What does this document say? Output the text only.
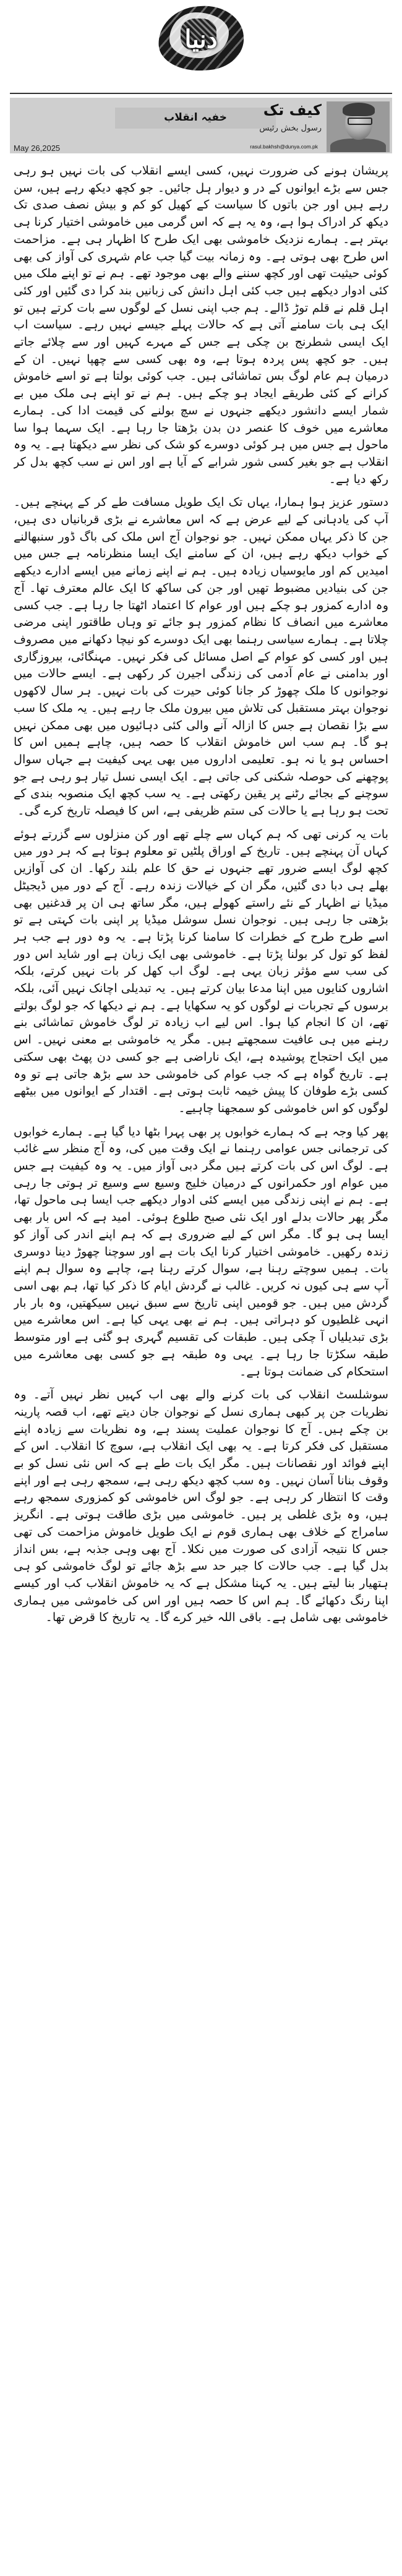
دنیا
خفیہ انقلاب
May 26,2025
کیف تک
رسول بخش رئیس
rasul.bakhsh@dunya.com.pk

پریشان ہونے کی ضرورت نہیں، کسی ایسے انقلاب کی بات نہیں ہو رہی جس سے بڑے ایوانوں کے در و دیوار ہل جائیں۔ جو کچھ دیکھ رہے ہیں، سن رہے ہیں اور جن باتوں کا سیاست کے کھیل کو کم و بیش نصف صدی تک دیکھ کر ادراک ہوا ہے، وہ یہ ہے کہ اس گرمی میں خاموشی اختیار کرنا ہی بہتر ہے۔ ہمارے نزدیک خاموشی بھی ایک طرح کا اظہار ہی ہے۔ مزاحمت اس طرح بھی ہوتی ہے۔ وہ زمانہ بیت گیا جب عام شہری کی آواز کی بھی کوئی حیثیت تھی اور کچھ سننے والے بھی موجود تھے۔ ہم نے تو اپنے ملک میں کئی ادوار دیکھے ہیں جب کئی اہل دانش کی زبانیں بند کرا دی گئیں اور کئی اہل قلم نے قلم توڑ ڈالے۔ ہم جب اپنی نسل کے لوگوں سے بات کرتے ہیں تو ایک ہی بات سامنے آتی ہے کہ حالات پہلے جیسے نہیں رہے۔ سیاست اب ایک ایسی شطرنج بن چکی ہے جس کے مہرے کہیں اور سے چلائے جاتے ہیں۔ جو کچھ پس پردہ ہوتا ہے، وہ بھی کسی سے چھپا نہیں۔ ان کے درمیان ہم عام لوگ بس تماشائی ہیں۔ جب کوئی بولتا ہے تو اسے خاموش کرانے کے کئی طریقے ایجاد ہو چکے ہیں۔ ہم نے تو اپنے ہی ملک میں بے شمار ایسے دانشور دیکھے جنہوں نے سچ بولنے کی قیمت ادا کی۔ ہمارے معاشرے میں خوف کا عنصر دن بدن بڑھتا جا رہا ہے۔ ایک سہما ہوا سا ماحول ہے جس میں ہر کوئی دوسرے کو شک کی نظر سے دیکھتا ہے۔ یہ وہ انقلاب ہے جو بغیر کسی شور شرابے کے آیا ہے اور اس نے سب کچھ بدل کر رکھ دیا ہے۔

دستور عزیز ہوا ہمارا، یہاں تک ایک طویل مسافت طے کر کے پہنچے ہیں۔ آپ کی یادہانی کے لیے عرض ہے کہ اس معاشرے نے بڑی قربانیاں دی ہیں، جن کا ذکر یہاں ممکن نہیں۔ جو نوجوان آج اس ملک کی باگ ڈور سنبھالنے کے خواب دیکھ رہے ہیں، ان کے سامنے ایک ایسا منظرنامہ ہے جس میں امیدیں کم اور مایوسیاں زیادہ ہیں۔ ہم نے اپنے زمانے میں ایسے ادارے دیکھے جن کی بنیادیں مضبوط تھیں اور جن کی ساکھ کا ایک عالم معترف تھا۔ آج وہ ادارے کمزور ہو چکے ہیں اور عوام کا اعتماد اٹھتا جا رہا ہے۔ جب کسی معاشرے میں انصاف کا نظام کمزور ہو جائے تو وہاں طاقتور اپنی مرضی چلاتا ہے۔ ہمارے سیاسی رہنما بھی ایک دوسرے کو نیچا دکھانے میں مصروف ہیں اور کسی کو عوام کے اصل مسائل کی فکر نہیں۔ مہنگائی، بیروزگاری اور بدامنی نے عام آدمی کی زندگی اجیرن کر رکھی ہے۔ ایسے حالات میں نوجوانوں کا ملک چھوڑ کر جانا کوئی حیرت کی بات نہیں۔ ہر سال لاکھوں نوجوان بہتر مستقبل کی تلاش میں بیرون ملک جا رہے ہیں۔ یہ ملک کا سب سے بڑا نقصان ہے جس کا ازالہ آنے والی کئی دہائیوں میں بھی ممکن نہیں ہو گا۔ ہم سب اس خاموش انقلاب کا حصہ ہیں، چاہے ہمیں اس کا احساس ہو یا نہ ہو۔ تعلیمی اداروں میں بھی یہی کیفیت ہے جہاں سوال پوچھنے کی حوصلہ شکنی کی جاتی ہے۔ ایک ایسی نسل تیار ہو رہی ہے جو سوچنے کے بجائے رٹنے پر یقین رکھتی ہے۔ یہ سب کچھ ایک منصوبہ بندی کے تحت ہو رہا ہے یا حالات کی ستم ظریفی ہے، اس کا فیصلہ تاریخ کرے گی۔

بات یہ کرنی تھی کہ ہم کہاں سے چلے تھے اور کن منزلوں سے گزرتے ہوئے کہاں آن پہنچے ہیں۔ تاریخ کے اوراق پلٹیں تو معلوم ہوتا ہے کہ ہر دور میں کچھ لوگ ایسے ضرور تھے جنہوں نے حق کا علم بلند رکھا۔ ان کی آوازیں بھلے ہی دبا دی گئیں، مگر ان کے خیالات زندہ رہے۔ آج کے دور میں ڈیجیٹل میڈیا نے اظہار کے نئے راستے کھولے ہیں، مگر ساتھ ہی ان پر قدغنیں بھی بڑھتی جا رہی ہیں۔ نوجوان نسل سوشل میڈیا پر اپنی بات کہتی ہے تو اسے طرح طرح کے خطرات کا سامنا کرنا پڑتا ہے۔ یہ وہ دور ہے جب ہر لفظ کو تول کر بولنا پڑتا ہے۔ خاموشی بھی ایک زبان ہے اور شاید اس دور کی سب سے مؤثر زبان یہی ہے۔ لوگ اب کھل کر بات نہیں کرتے، بلکہ اشاروں کنایوں میں اپنا مدعا بیان کرتے ہیں۔ یہ تبدیلی اچانک نہیں آئی، بلکہ برسوں کے تجربات نے لوگوں کو یہ سکھایا ہے۔ ہم نے دیکھا کہ جو لوگ بولتے تھے، ان کا انجام کیا ہوا۔ اس لیے اب زیادہ تر لوگ خاموش تماشائی بنے رہنے میں ہی عافیت سمجھتے ہیں۔ مگر یہ خاموشی بے معنی نہیں۔ اس میں ایک احتجاج پوشیدہ ہے، ایک ناراضی ہے جو کسی دن پھٹ بھی سکتی ہے۔ تاریخ گواہ ہے کہ جب عوام کی خاموشی حد سے بڑھ جاتی ہے تو وہ کسی بڑے طوفان کا پیش خیمہ ثابت ہوتی ہے۔ اقتدار کے ایوانوں میں بیٹھے لوگوں کو اس خاموشی کو سمجھنا چاہیے۔

پھر کیا وجہ ہے کہ ہمارے خوابوں پر بھی پہرا بٹھا دیا گیا ہے۔ ہمارے خوابوں کی ترجمانی جس عوامی رہنما نے ایک وقت میں کی، وہ آج منظر سے غائب ہے۔ لوگ اس کی بات کرتے ہیں مگر دبی آواز میں۔ یہ وہ کیفیت ہے جس میں عوام اور حکمرانوں کے درمیان خلیج وسیع سے وسیع تر ہوتی جا رہی ہے۔ ہم نے اپنی زندگی میں ایسے کئی ادوار دیکھے جب ایسا ہی ماحول تھا، مگر پھر حالات بدلے اور ایک نئی صبح طلوع ہوئی۔ امید ہے کہ اس بار بھی ایسا ہی ہو گا۔ مگر اس کے لیے ضروری ہے کہ ہم اپنے اندر کی آواز کو زندہ رکھیں۔ خاموشی اختیار کرنا ایک بات ہے اور سوچنا چھوڑ دینا دوسری بات۔ ہمیں سوچتے رہنا ہے، سوال کرتے رہنا ہے، چاہے وہ سوال ہم اپنے آپ سے ہی کیوں نہ کریں۔ غالب نے گردش ایام کا ذکر کیا تھا، ہم بھی اسی گردش میں ہیں۔ جو قومیں اپنی تاریخ سے سبق نہیں سیکھتیں، وہ بار بار انہی غلطیوں کو دہراتی ہیں۔ ہم نے بھی یہی کیا ہے۔ اس معاشرے میں بڑی تبدیلیاں آ چکی ہیں۔ طبقات کی تقسیم گہری ہو گئی ہے اور متوسط طبقہ سکڑتا جا رہا ہے۔ یہی وہ طبقہ ہے جو کسی بھی معاشرے میں استحکام کی ضمانت ہوتا ہے۔

سوشلسٹ انقلاب کی بات کرنے والے بھی اب کہیں نظر نہیں آتے۔ وہ نظریات جن پر کبھی ہماری نسل کے نوجوان جان دیتے تھے، اب قصہ پارینہ بن چکے ہیں۔ آج کا نوجوان عملیت پسند ہے، وہ نظریات سے زیادہ اپنے مستقبل کی فکر کرتا ہے۔ یہ بھی ایک انقلاب ہے، سوچ کا انقلاب۔ اس کے اپنے فوائد اور نقصانات ہیں۔ مگر ایک بات طے ہے کہ اس نئی نسل کو بے وقوف بنانا آسان نہیں۔ وہ سب کچھ دیکھ رہی ہے، سمجھ رہی ہے اور اپنے وقت کا انتظار کر رہی ہے۔ جو لوگ اس خاموشی کو کمزوری سمجھ رہے ہیں، وہ بڑی غلطی پر ہیں۔ خاموشی میں بڑی طاقت ہوتی ہے۔ انگریز سامراج کے خلاف بھی ہماری قوم نے ایک طویل خاموش مزاحمت کی تھی جس کا نتیجہ آزادی کی صورت میں نکلا۔ آج بھی وہی جذبہ ہے، بس انداز بدل گیا ہے۔ جب حالات کا جبر حد سے بڑھ جائے تو لوگ خاموشی کو ہی ہتھیار بنا لیتے ہیں۔ یہ کہنا مشکل ہے کہ یہ خاموش انقلاب کب اور کیسے اپنا رنگ دکھائے گا۔ ہم اس کا حصہ ہیں اور اس کی خاموشی میں ہماری خاموشی بھی شامل ہے۔ باقی اللہ خیر کرے گا۔ یہ تاریخ کا قرض تھا۔
